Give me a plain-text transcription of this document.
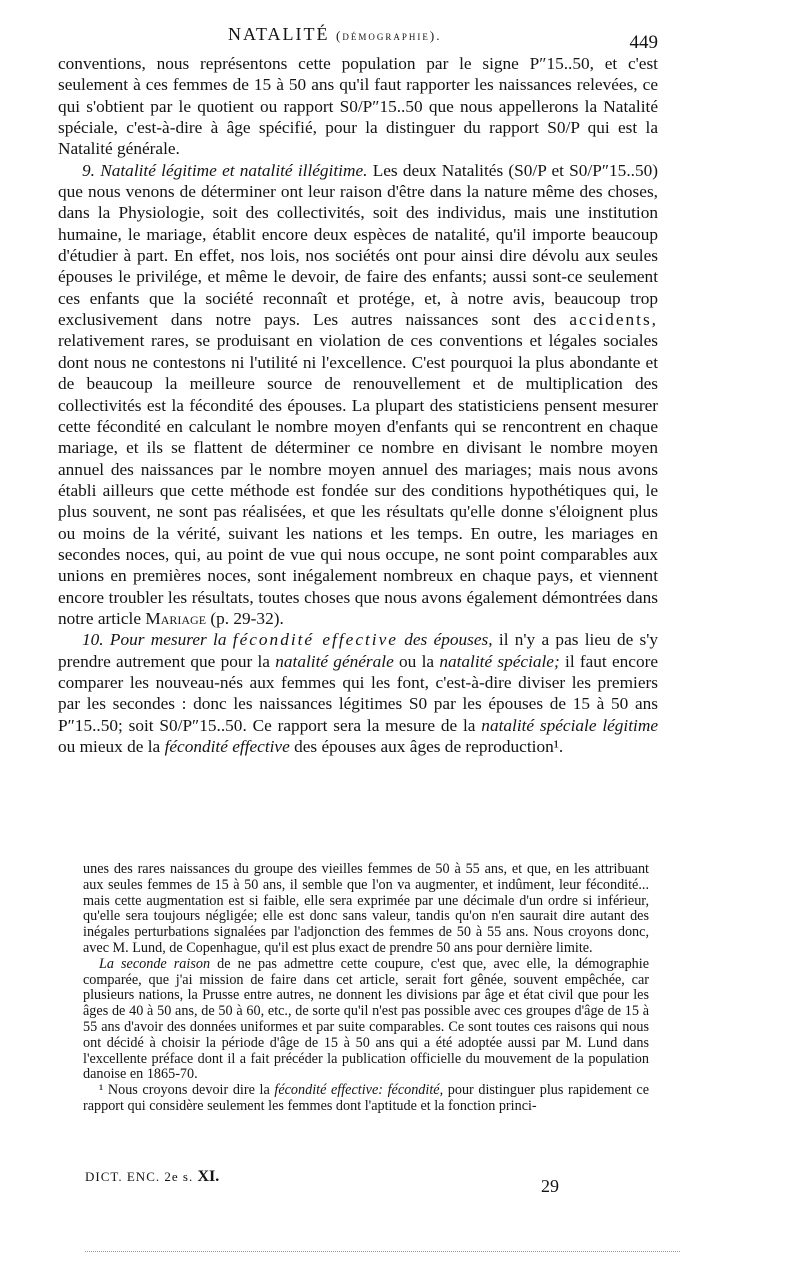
NATALITÉ (démographie).	449

conventions, nous représentons cette population par le signe P″15..50, et c'est seulement à ces femmes de 15 à 50 ans qu'il faut rapporter les naissances relevées, ce qui s'obtient par le quotient ou rapport S0/P″15..50 que nous appellerons la Natalité spéciale, c'est-à-dire à âge spécifié, pour la distinguer du rapport S0/P qui est la Natalité générale.

9. Natalité légitime et natalité illégitime. Les deux Natalités (S0/P et S0/P″15..50) que nous venons de déterminer ont leur raison d'être dans la nature même des choses, dans la Physiologie, soit des collectivités, soit des individus, mais une institution humaine, le mariage, établit encore deux espèces de natalité, qu'il importe beaucoup d'étudier à part. En effet, nos lois, nos sociétés ont pour ainsi dire dévolu aux seules épouses le privilége, et même le devoir, de faire des enfants; aussi sont-ce seulement ces enfants que la société reconnaît et protége, et, à notre avis, beaucoup trop exclusivement dans notre pays. Les autres naissances sont des accidents, relativement rares, se produisant en violation de ces conventions et légales sociales dont nous ne contestons ni l'utilité ni l'excellence. C'est pourquoi la plus abondante et de beaucoup la meilleure source de renouvellement et de multiplication des collectivités est la fécondité des épouses. La plupart des statisticiens pensent mesurer cette fécondité en calculant le nombre moyen d'enfants qui se rencontrent en chaque mariage, et ils se flattent de déterminer ce nombre en divisant le nombre moyen annuel des naissances par le nombre moyen annuel des mariages; mais nous avons établi ailleurs que cette méthode est fondée sur des conditions hypothétiques qui, le plus souvent, ne sont pas réalisées, et que les résultats qu'elle donne s'éloignent plus ou moins de la vérité, suivant les nations et les temps. En outre, les mariages en secondes noces, qui, au point de vue qui nous occupe, ne sont point comparables aux unions en premières noces, sont inégalement nombreux en chaque pays, et viennent encore troubler les résultats, toutes choses que nous avons également démontrées dans notre article Mariage (p. 29-32).

10. Pour mesurer la fécondité effective des épouses, il n'y a pas lieu de s'y prendre autrement que pour la natalité générale ou la natalité spéciale; il faut encore comparer les nouveau-nés aux femmes qui les font, c'est-à-dire diviser les premiers par les secondes : donc les naissances légitimes S0 par les épouses de 15 à 50 ans P″15..50; soit S0/P″15..50. Ce rapport sera la mesure de la natalité spéciale légitime ou mieux de la fécondité effective des épouses aux âges de reproduction¹.

unes des rares naissances du groupe des vieilles femmes de 50 à 55 ans, et que, en les attribuant aux seules femmes de 15 à 50 ans, il semble que l'on va augmenter, et indûment, leur fécondité... mais cette augmentation est si faible, elle sera exprimée par une décimale d'un ordre si inférieur, qu'elle sera toujours négligée; elle est donc sans valeur, tandis qu'on n'en saurait dire autant des inégales perturbations signalées par l'adjonction des femmes de 50 à 55 ans. Nous croyons donc, avec M. Lund, de Copenhague, qu'il est plus exact de prendre 50 ans pour dernière limite.

La seconde raison de ne pas admettre cette coupure, c'est que, avec elle, la démographie comparée, que j'ai mission de faire dans cet article, serait fort gênée, souvent empêchée, car plusieurs nations, la Prusse entre autres, ne donnent les divisions par âge et état civil que pour les âges de 40 à 50 ans, de 50 à 60, etc., de sorte qu'il n'est pas possible avec ces groupes d'âge de 15 à 55 ans d'avoir des données uniformes et par suite comparables. Ce sont toutes ces raisons qui nous ont décidé à choisir la période d'âge de 15 à 50 ans qui a été adoptée aussi par M. Lund dans l'excellente préface dont il a fait précéder la publication officielle du mouvement de la population danoise en 1865-70.

¹ Nous croyons devoir dire la fécondité effective: fécondité, pour distinguer plus rapidement ce rapport qui considère seulement les femmes dont l'aptitude et la fonction princi-

DICT. ENC. 2e s. XI.	29
